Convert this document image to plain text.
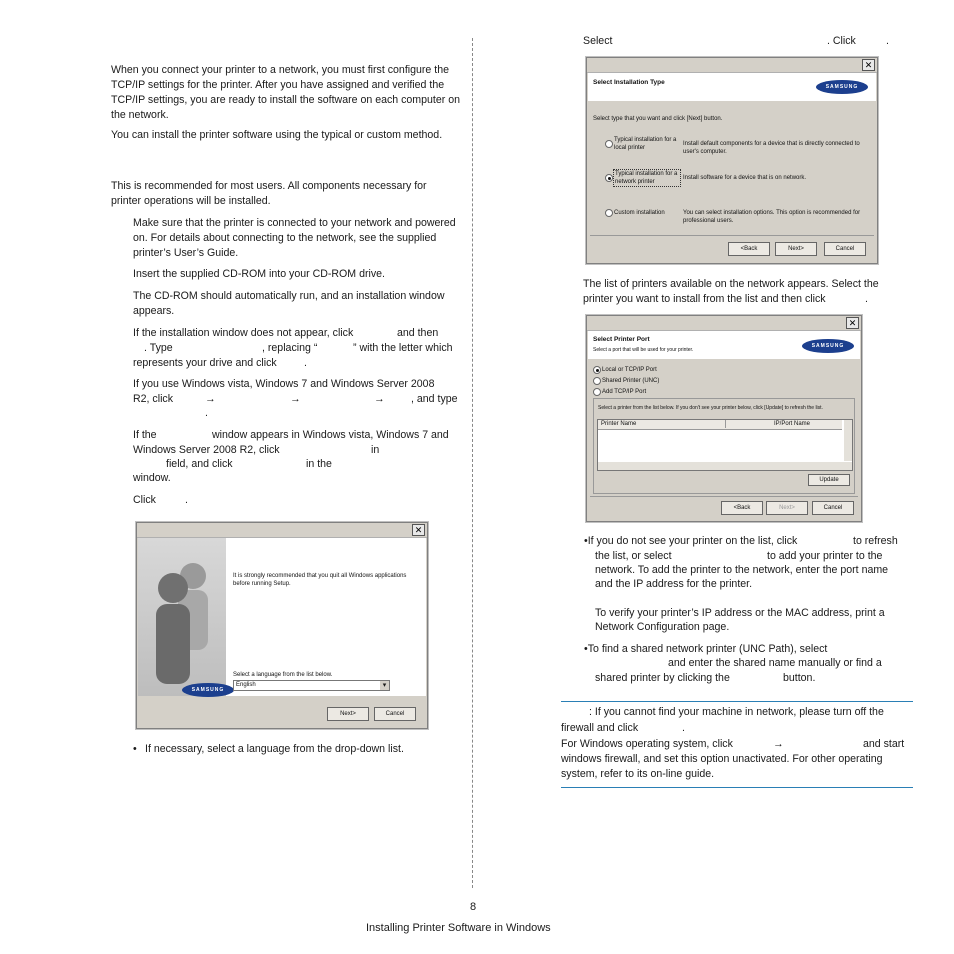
When you connect your printer to a network, you must first configure the TCP/IP settings for the printer. After you have assigned and verified the TCP/IP settings, you are ready to install the software on each computer on the network.

You can install the printer software using the typical or custom method.

This is recommended for most users. All components necessary for printer operations will be installed.

Make sure that the printer is connected to your network and powered on. For details about connecting to the network, see the supplied printer’s User’s Guide.

Insert the supplied CD-ROM into your CD-ROM drive.

The CD-ROM should automatically run, and an installation window appears.

If the installation window does not appear, click	and then
. Type	, replacing “	” with the letter which
represents your drive and click	.
If you use Windows vista, Windows 7 and Windows Server 2008
R2, click	→	→	→ , and type
.
If the	window appears in Windows vista, Windows 7 and
Windows Server 2008 R2, click	in
field, and click	in the
window.
Click	.
✕
SAMSUNG
It is strongly recommended that you quit all Windows applications before running Setup.
Select a language from the list below.
English	▾
Next>	Cancel
• If necessary, select a language from the drop-down list.
Select	. Click	.
✕
Select Installation Type
SAMSUNG
Select type that you want and click [Next] button.
Typical installation for a local printer
Install default components for a device that is directly connected to user's computer.
Typical installation for a network printer
Install software for a device that is on network.
Custom installation	You can select installation options. This option is recommended for professional users.
<Back	Next>	Cancel
The list of printers available on the network appears. Select the
printer you want to install from the list and then click	.
✕
Select Printer Port
Select a port that will be used for your printer.
SAMSUNG
Local or TCP/IP Port
Shared Printer (UNC)
Add TCP/IP Port
Select a printer from the list below. If you don't see your printer below, click [Update] to refresh the list.
Printer Name	IP/Port Name
Update
<Back	Next>	Cancel
•If you do not see your printer on the list, click	to refresh
the list, or select	to add your printer to the
network. To add the printer to the network, enter the port name
and the IP address for the printer.
To verify your printer’s IP address or the MAC address, print a
Network Configuration page.
•To find a shared network printer (UNC Path), select
and enter the shared name manually or find a
shared printer by clicking the	button.
: If you cannot find your machine in network, please turn off the
firewall and click	.
For Windows operating system, click	→	and start
windows firewall, and set this option unactivated. For other operating
system, refer to its on-line guide.
8
Installing Printer Software in Windows
